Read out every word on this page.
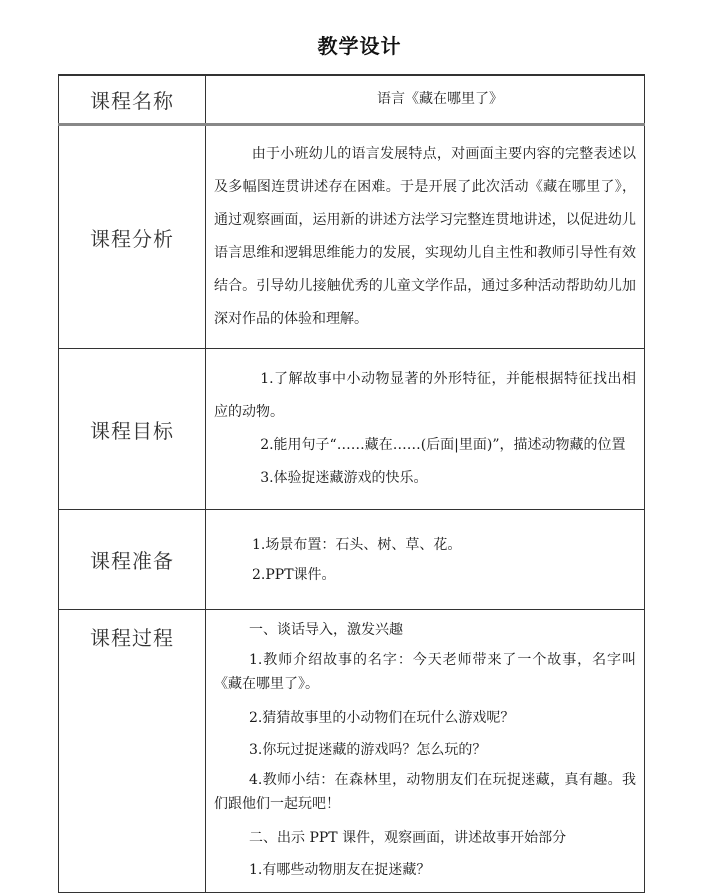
教学设计
课程名称	语言《藏在哪里了》

课程分析	由于小班幼儿的语言发展特点，对画面主要内容的完整表述以及多幅图连贯讲述存在困难。于是开展了此次活动《藏在哪里了》，通过观察画面，运用新的讲述方法学习完整连贯地讲述，以促进幼儿语言思维和逻辑思维能力的发展，实现幼儿自主性和教师引导性有效结合。引导幼儿接触优秀的儿童文学作品，通过多种活动帮助幼儿加深对作品的体验和理解。

课程目标	1.了解故事中小动物显著的外形特征，并能根据特征找出相应的动物。

2.能用句子“……藏在……(后面|里面)”，描述动物藏的位置

3.体验捉迷藏游戏的快乐。

课程准备	1.场景布置：石头、树、草、花。

2.PPT课件。

课程过程	一、谈话导入，激发兴趣

1.教师介绍故事的名字：今天老师带来了一个故事，名字叫《藏在哪里了》。

2.猜猜故事里的小动物们在玩什么游戏呢？

3.你玩过捉迷藏的游戏吗？怎么玩的？

4.教师小结：在森林里，动物朋友们在玩捉迷藏，真有趣。我们跟他们一起玩吧！

二、出示 PPT 课件，观察画面，讲述故事开始部分

1.有哪些动物朋友在捉迷藏？
